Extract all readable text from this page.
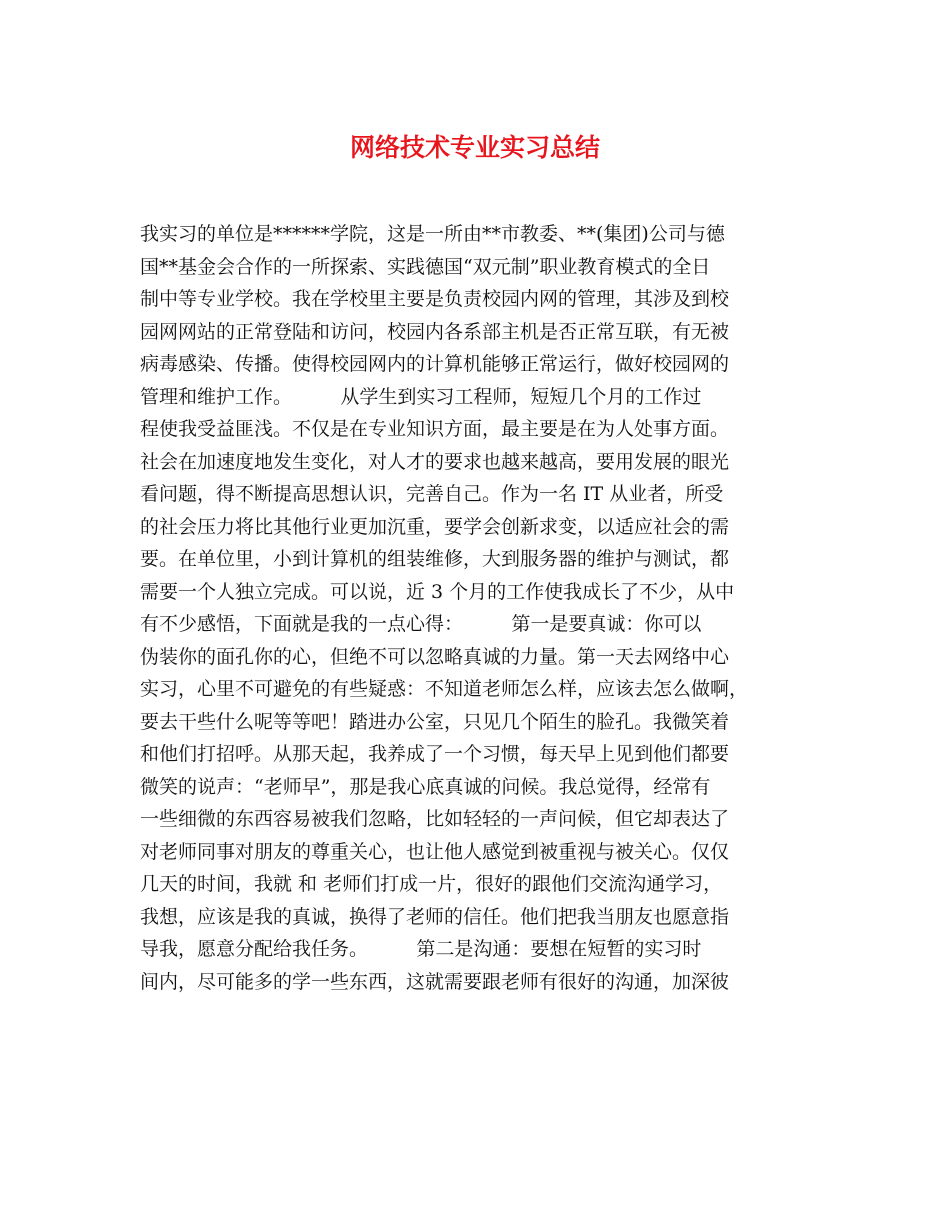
网络技术专业实习总结
我实习的单位是******学院，这是一所由**市教委、**(集团)公司与德
国**基金会合作的一所探索、实践德国“双元制”职业教育模式的全日
制中等专业学校。我在学校里主要是负责校园内网的管理，其涉及到校
园网网站的正常登陆和访问，校园内各系部主机是否正常互联，有无被
病毒感染、传播。使得校园网内的计算机能够正常运行，做好校园网的
管理和维护工作。        从学生到实习工程师，短短几个月的工作过
程使我受益匪浅。不仅是在专业知识方面，最主要是在为人处事方面。
社会在加速度地发生变化，对人才的要求也越来越高，要用发展的眼光
看问题，得不断提高思想认识，完善自己。作为一名 IT 从业者，所受
的社会压力将比其他行业更加沉重，要学会创新求变，以适应社会的需
要。在单位里，小到计算机的组装维修，大到服务器的维护与测试，都
需要一个人独立完成。可以说，近 3 个月的工作使我成长了不少，从中
有不少感悟，下面就是我的一点心得：        第一是要真诚：你可以
伪装你的面孔你的心，但绝不可以忽略真诚的力量。第一天去网络中心
实习，心里不可避免的有些疑惑：不知道老师怎么样，应该去怎么做啊，
要去干些什么呢等等吧！踏进办公室，只见几个陌生的脸孔。我微笑着
和他们打招呼。从那天起，我养成了一个习惯，每天早上见到他们都要
微笑的说声：“老师早”，那是我心底真诚的问候。我总觉得，经常有
一些细微的东西容易被我们忽略，比如轻轻的一声问候，但它却表达了
对老师同事对朋友的尊重关心，也让他人感觉到被重视与被关心。仅仅
几天的时间，我就 和 老师们打成一片，很好的跟他们交流沟通学习，
我想，应该是我的真诚，换得了老师的信任。他们把我当朋友也愿意指
导我，愿意分配给我任务。        第二是沟通：要想在短暂的实习时
间内，尽可能多的学一些东西，这就需要跟老师有很好的沟通，加深彼
